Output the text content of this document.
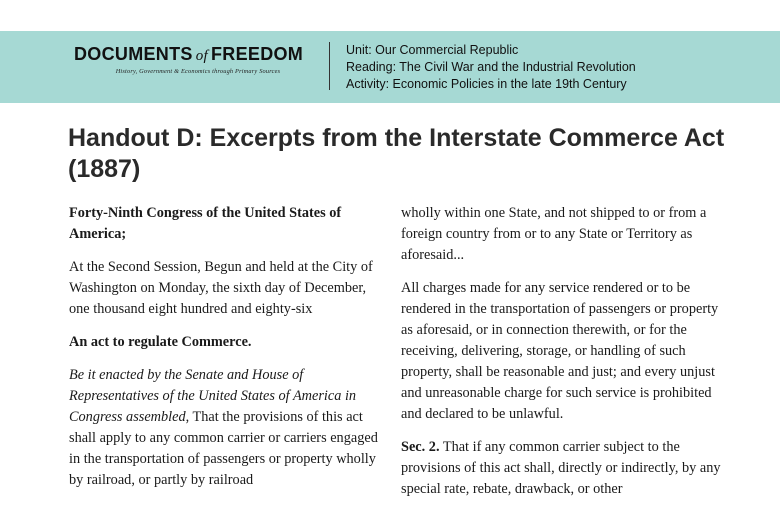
DOCUMENTS of FREEDOM
History, Government & Economics through Primary Sources
Unit: Our Commercial Republic
Reading: The Civil War and the Industrial Revolution
Activity: Economic Policies in the late 19th Century
Handout D: Excerpts from the Interstate Commerce Act (1887)

Forty-Ninth Congress of the United States of America;

At the Second Session, Begun and held at the City of Washington on Monday, the sixth day of December, one thousand eight hundred and eighty-six

An act to regulate Commerce.

Be it enacted by the Senate and House of Representatives of the United States of America in Congress assembled, That the provisions of this act shall apply to any common carrier or carriers engaged in the transportation of passengers or property wholly by railroad, or partly by railroad

wholly within one State, and not shipped to or from a foreign country from or to any State or Territory as aforesaid...

All charges made for any service rendered or to be rendered in the transportation of passengers or property as aforesaid, or in connection therewith, or for the receiving, delivering, storage, or handling of such property, shall be reasonable and just; and every unjust and unreasonable charge for such service is prohibited and declared to be unlawful.

Sec. 2. That if any common carrier subject to the provisions of this act shall, directly or indirectly, by any special rate, rebate, drawback, or other
